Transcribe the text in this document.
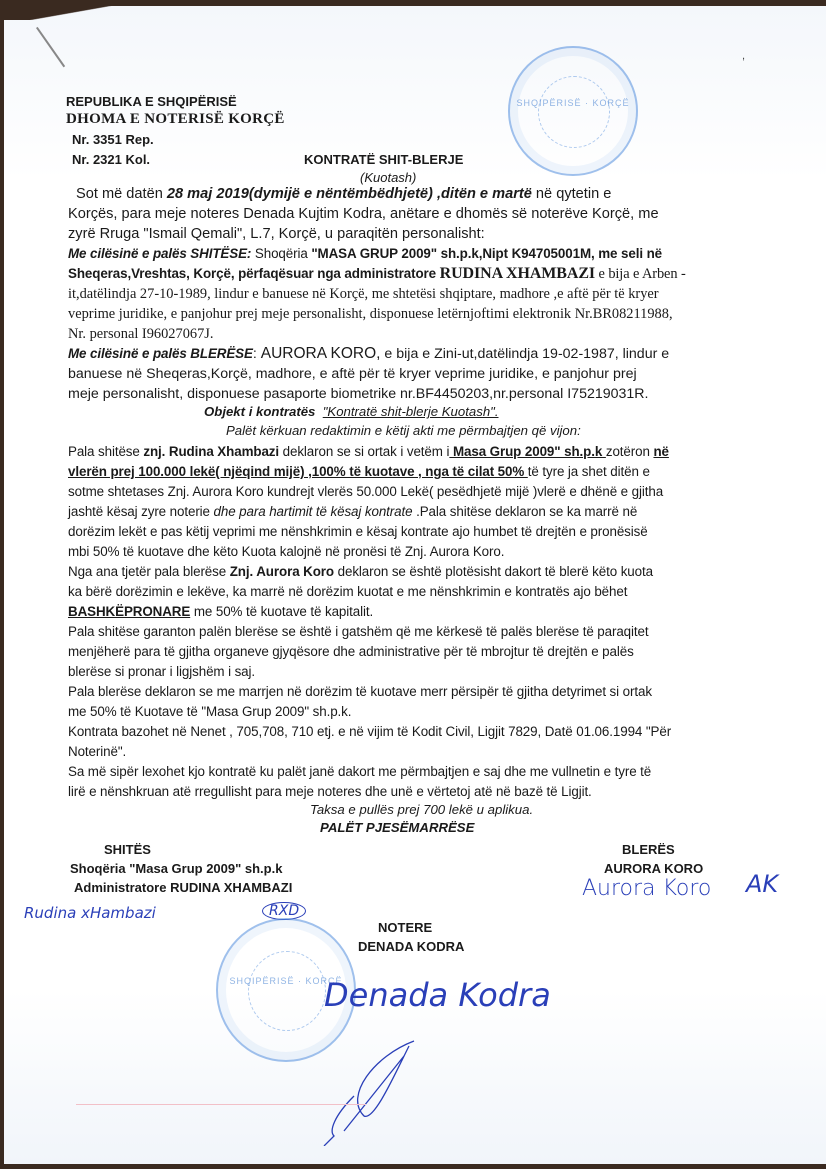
,
SHQIPËRISË · KORÇË
REPUBLIKA E SHQIPËRISË
DHOMA E NOTERISË KORÇË
Nr. 3351 Rep.
Nr. 2321 Kol.	KONTRATË SHIT-BLERJE
(Kuotash)
Sot më datën 28 maj 2019(dymijë e nëntëmbëdhjetë) ,ditën e martë në qytetin e
Korçës, para meje noteres Denada Kujtim Kodra, anëtare e dhomës së noterëve Korçë, me
zyrë Rruga "Ismail Qemali", L.7, Korçë, u paraqitën personalisht:
Me cilësinë e palës SHITËSE: Shoqëria "MASA GRUP 2009" sh.p.k,Nipt K94705001M, me seli në
Sheqeras,Vreshtas, Korçë, përfaqësuar nga administratore RUDINA XHAMBAZI e bija e Arben -
it,datëlindja 27-10-1989, lindur e banuese në Korçë, me shtetësi shqiptare, madhore ,e aftë për të kryer
veprime juridike, e panjohur prej meje personalisht, disponuese letërnjoftimi elektronik Nr.BR08211988,
Nr. personal I96027067J.
Me cilësinë e palës BLERËSE: AURORA KORO, e bija e Zini-ut,datëlindja 19-02-1987, lindur e
banuese në Sheqeras,Korçë, madhore, e aftë për të kryer veprime juridike, e panjohur prej
meje personalisht, disponuese pasaporte biometrike nr.BF4450203,nr.personal I75219031R.
Objekt i kontratës "Kontratë shit-blerje Kuotash".
Palët kërkuan redaktimin e këtij akti me përmbajtjen që vijon:
Pala shitëse znj. Rudina Xhambazi deklaron se si ortak i vetëm i Masa Grup 2009" sh.p.k zotëron në
vlerën prej 100.000 lekë( njëqind mijë) ,100% të kuotave , nga të cilat 50% të tyre ja shet ditën e
sotme shtetases Znj. Aurora Koro kundrejt vlerës 50.000 Lekë( pesëdhjetë mijë )vlerë e dhënë e gjitha
jashtë kësaj zyre noterie dhe para hartimit të kësaj kontrate .Pala shitëse deklaron se ka marrë në
dorëzim lekët e pas këtij veprimi me nënshkrimin e kësaj kontrate ajo humbet të drejtën e pronësisë
mbi 50% të kuotave dhe këto Kuota kalojnë në pronësi të Znj. Aurora Koro.
Nga ana tjetër pala blerëse Znj. Aurora Koro deklaron se është plotësisht dakort të blerë këto kuota
ka bërë dorëzimin e lekëve, ka marrë në dorëzim kuotat e me nënshkrimin e kontratës ajo bëhet
BASHKËPRONARE me 50% të kuotave të kapitalit.
Pala shitëse garanton palën blerëse se është i gatshëm që me kërkesë të palës blerëse të paraqitet
menjëherë para të gjitha organeve gjyqësore dhe administrative për të mbrojtur të drejtën e palës
blerëse si pronar i ligjshëm i saj.
Pala blerëse deklaron se me marrjen në dorëzim të kuotave merr përsipër të gjitha detyrimet si ortak
me 50% të Kuotave të "Masa Grup 2009" sh.p.k.
Kontrata bazohet në Nenet , 705,708, 710 etj. e në vijim të Kodit Civil, Ligjit 7829, Datë 01.06.1994 "Për
Noterinë".
Sa më sipër lexohet kjo kontratë ku palët janë dakort me përmbajtjen e saj dhe me vullnetin e tyre të
lirë e nënshkruan atë rregullisht para meje noteres dhe unë e vërtetoj atë në bazë të Ligjit.
Taksa e pullës prej 700 lekë u aplikua.
PALËT PJESËMARRËSE
SHITËS
Shoqëria "Masa Grup 2009" sh.p.k
Administratore RUDINA XHAMBAZI
Rudina xHambazi	RXD
BLERËS
AURORA KORO
Aurora Koro AK
NOTERE
DENADA KODRA
SHQIPËRISË · KORÇË
Denada Kodra
